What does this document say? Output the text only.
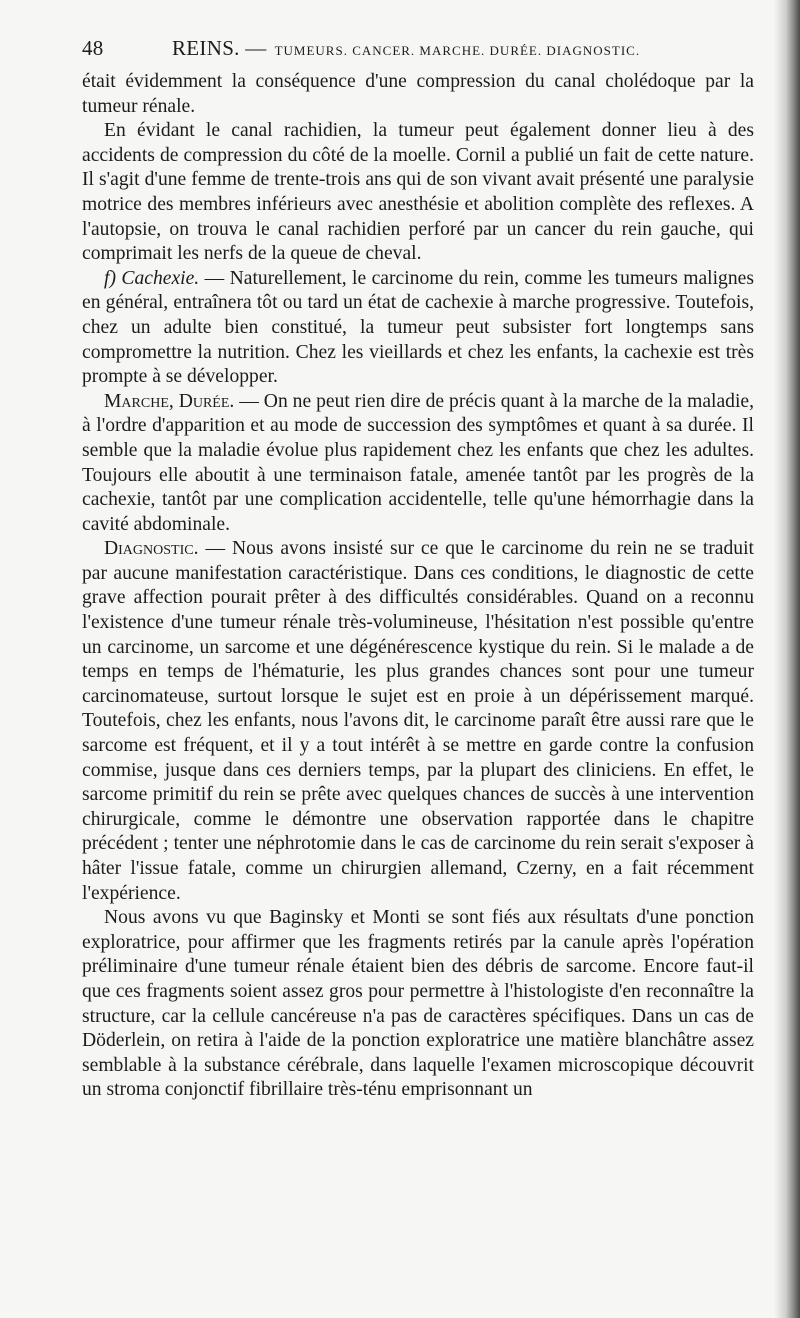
48	REINS. — TUMEURS. CANCER. MARCHE. DURÉE. DIAGNOSTIC.

était évidemment la conséquence d'une compression du canal cholédoque par la tumeur rénale.

En évidant le canal rachidien, la tumeur peut également donner lieu à des accidents de compression du côté de la moelle. Cornil a publié un fait de cette nature. Il s'agit d'une femme de trente-trois ans qui de son vivant avait présenté une paralysie motrice des membres inférieurs avec anesthésie et abolition complète des reflexes. A l'autopsie, on trouva le canal rachidien perforé par un cancer du rein gauche, qui comprimait les nerfs de la queue de cheval.

f) Cachexie. — Naturellement, le carcinome du rein, comme les tumeurs malignes en général, entraînera tôt ou tard un état de cachexie à marche progressive. Toutefois, chez un adulte bien constitué, la tumeur peut subsister fort longtemps sans compromettre la nutrition. Chez les vieillards et chez les enfants, la cachexie est très prompte à se développer.

Marche, Durée. — On ne peut rien dire de précis quant à la marche de la maladie, à l'ordre d'apparition et au mode de succession des symptômes et quant à sa durée. Il semble que la maladie évolue plus rapidement chez les enfants que chez les adultes. Toujours elle aboutit à une terminaison fatale, amenée tantôt par les progrès de la cachexie, tantôt par une complication accidentelle, telle qu'une hémorrhagie dans la cavité abdominale.

Diagnostic. — Nous avons insisté sur ce que le carcinome du rein ne se traduit par aucune manifestation caractéristique. Dans ces conditions, le diagnostic de cette grave affection pourait prêter à des difficultés considérables. Quand on a reconnu l'existence d'une tumeur rénale très-volumineuse, l'hésitation n'est possible qu'entre un carcinome, un sarcome et une dégénérescence kystique du rein. Si le malade a de temps en temps de l'hématurie, les plus grandes chances sont pour une tumeur carcinomateuse, surtout lorsque le sujet est en proie à un dépérissement marqué. Toutefois, chez les enfants, nous l'avons dit, le carcinome paraît être aussi rare que le sarcome est fréquent, et il y a tout intérêt à se mettre en garde contre la confusion commise, jusque dans ces derniers temps, par la plupart des cliniciens. En effet, le sarcome primitif du rein se prête avec quelques chances de succès à une intervention chirurgicale, comme le démontre une observation rapportée dans le chapitre précédent ; tenter une néphrotomie dans le cas de carcinome du rein serait s'exposer à hâter l'issue fatale, comme un chirurgien allemand, Czerny, en a fait récemment l'expérience.

Nous avons vu que Baginsky et Monti se sont fiés aux résultats d'une ponction exploratrice, pour affirmer que les fragments retirés par la canule après l'opération préliminaire d'une tumeur rénale étaient bien des débris de sarcome. Encore faut-il que ces fragments soient assez gros pour permettre à l'histologiste d'en reconnaître la structure, car la cellule cancéreuse n'a pas de caractères spécifiques. Dans un cas de Döderlein, on retira à l'aide de la ponction exploratrice une matière blanchâtre assez semblable à la substance cérébrale, dans laquelle l'examen microscopique découvrit un stroma conjonctif fibrillaire très-ténu emprisonnant un
